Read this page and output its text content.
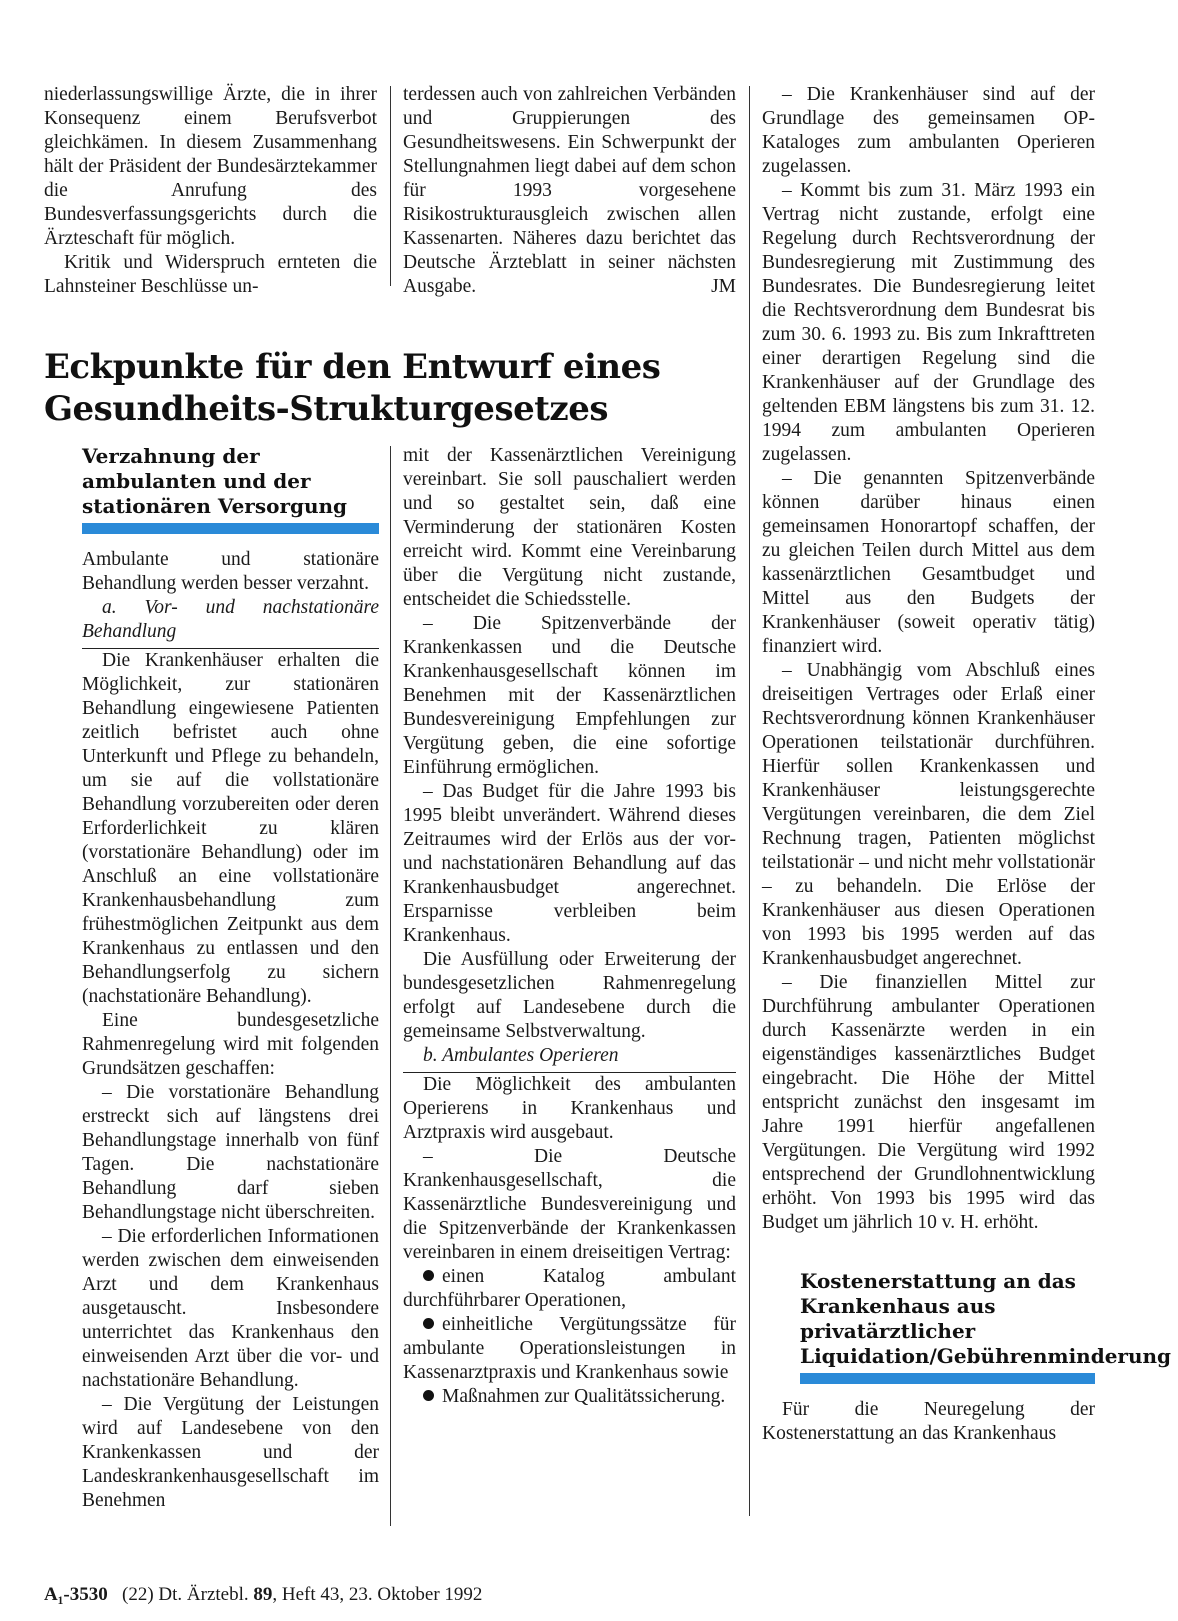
niederlassungswillige Ärzte, die in ihrer Konsequenz einem Berufsverbot gleichkämen. In diesem Zusammenhang hält der Präsident der Bundesärztekammer die Anrufung des Bundesverfassungsgerichts durch die Ärzteschaft für möglich.

Kritik und Widerspruch ernteten die Lahnsteiner Beschlüsse un-

terdessen auch von zahlreichen Verbänden und Gruppierungen des Gesundheitswesens. Ein Schwerpunkt der Stellungnahmen liegt dabei auf dem schon für 1993 vorgesehene Risikostrukturausgleich zwischen allen Kassenarten. Näheres dazu berichtet das Deutsche Ärzteblatt in seiner nächsten Ausgabe.	JM

Eckpunkte für den Entwurf eines Gesundheits-Strukturgesetzes
Verzahnung der ambulanten und der stationären Versorgung

Ambulante und stationäre Behandlung werden besser verzahnt.

a. Vor- und nachstationäre Behandlung

Die Krankenhäuser erhalten die Möglichkeit, zur stationären Behandlung eingewiesene Patienten zeitlich befristet auch ohne Unterkunft und Pflege zu behandeln, um sie auf die vollstationäre Behandlung vorzubereiten oder deren Erforderlichkeit zu klären (vorstationäre Behandlung) oder im Anschluß an eine vollstationäre Krankenhausbehandlung zum frühestmöglichen Zeitpunkt aus dem Krankenhaus zu entlassen und den Behandlungserfolg zu sichern (nachstationäre Behandlung).

Eine bundesgesetzliche Rahmenregelung wird mit folgenden Grundsätzen geschaffen:

– Die vorstationäre Behandlung erstreckt sich auf längstens drei Behandlungstage innerhalb von fünf Tagen. Die nachstationäre Behandlung darf sieben Behandlungstage nicht überschreiten.

– Die erforderlichen Informationen werden zwischen dem einweisenden Arzt und dem Krankenhaus ausgetauscht. Insbesondere unterrichtet das Krankenhaus den einweisenden Arzt über die vor- und nachstationäre Behandlung.

– Die Vergütung der Leistungen wird auf Landesebene von den Krankenkassen und der Landeskrankenhausgesellschaft im Benehmen

mit der Kassenärztlichen Vereinigung vereinbart. Sie soll pauschaliert werden und so gestaltet sein, daß eine Verminderung der stationären Kosten erreicht wird. Kommt eine Vereinbarung über die Vergütung nicht zustande, entscheidet die Schiedsstelle.

– Die Spitzenverbände der Krankenkassen und die Deutsche Krankenhausgesellschaft können im Benehmen mit der Kassenärztlichen Bundesvereinigung Empfehlungen zur Vergütung geben, die eine sofortige Einführung ermöglichen.

– Das Budget für die Jahre 1993 bis 1995 bleibt unverändert. Während dieses Zeitraumes wird der Erlös aus der vor- und nachstationären Behandlung auf das Krankenhausbudget angerechnet. Ersparnisse verbleiben beim Krankenhaus.

Die Ausfüllung oder Erweiterung der bundesgesetzlichen Rahmenregelung erfolgt auf Landesebene durch die gemeinsame Selbstverwaltung.

b. Ambulantes Operieren

Die Möglichkeit des ambulanten Operierens in Krankenhaus und Arztpraxis wird ausgebaut.

– Die Deutsche Krankenhausgesellschaft, die Kassenärztliche Bundesvereinigung und die Spitzenverbände der Krankenkassen vereinbaren in einem dreiseitigen Vertrag:

einen Katalog ambulant durchführbarer Operationen,

einheitliche Vergütungssätze für ambulante Operationsleistungen in Kassenarztpraxis und Krankenhaus sowie

Maßnahmen zur Qualitätssicherung.

– Die Krankenhäuser sind auf der Grundlage des gemeinsamen OP-Kataloges zum ambulanten Operieren zugelassen.

– Kommt bis zum 31. März 1993 ein Vertrag nicht zustande, erfolgt eine Regelung durch Rechtsverordnung der Bundesregierung mit Zustimmung des Bundesrates. Die Bundesregierung leitet die Rechtsverordnung dem Bundesrat bis zum 30. 6. 1993 zu. Bis zum Inkrafttreten einer derartigen Regelung sind die Krankenhäuser auf der Grundlage des geltenden EBM längstens bis zum 31. 12. 1994 zum ambulanten Operieren zugelassen.

– Die genannten Spitzenverbände können darüber hinaus einen gemeinsamen Honorartopf schaffen, der zu gleichen Teilen durch Mittel aus dem kassenärztlichen Gesamtbudget und Mittel aus den Budgets der Krankenhäuser (soweit operativ tätig) finanziert wird.

– Unabhängig vom Abschluß eines dreiseitigen Vertrages oder Erlaß einer Rechtsverordnung können Krankenhäuser Operationen teilstationär durchführen. Hierfür sollen Krankenkassen und Krankenhäuser leistungsgerechte Vergütungen vereinbaren, die dem Ziel Rechnung tragen, Patienten möglichst teilstationär – und nicht mehr vollstationär – zu behandeln. Die Erlöse der Krankenhäuser aus diesen Operationen von 1993 bis 1995 werden auf das Krankenhausbudget angerechnet.

– Die finanziellen Mittel zur Durchführung ambulanter Operationen durch Kassenärzte werden in ein eigenständiges kassenärztliches Budget eingebracht. Die Höhe der Mittel entspricht zunächst den insgesamt im Jahre 1991 hierfür angefallenen Vergütungen. Die Vergütung wird 1992 entsprechend der Grundlohnentwicklung erhöht. Von 1993 bis 1995 wird das Budget um jährlich 10 v. H. erhöht.

Kostenerstattung an das Krankenhaus aus privatärztlicher Liquidation/Gebührenminderung

Für die Neuregelung der Kostenerstattung an das Krankenhaus

A₁-3530 (22) Dt. Ärztebl. 89, Heft 43, 23. Oktober 1992
